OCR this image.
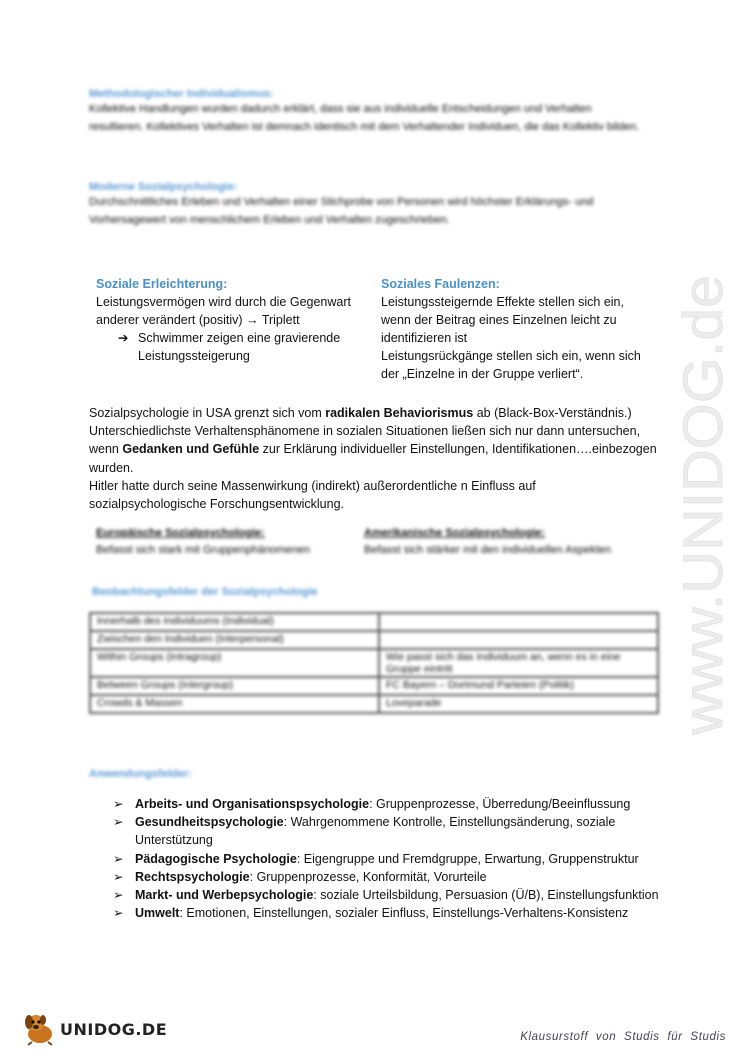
Methodologischer Individualismus:
Kollektive Handlungen wurden dadurch erklärt, dass sie aus individuelle Entscheidungen und Verhalten resultieren. Kollektives Verhalten ist demnach identisch mit dem Verhaltender Individuen, die das Kollektiv bilden.
Moderne Sozialpsychologie:
Durchschnittliches Erleben und Verhalten einer Stichprobe von Personen wird höchster Erklärungs- und Vorhersagewert von menschlichem Erleben und Verhalten zugeschrieben.
Soziale Erleichterung:
Leistungsvermögen wird durch die Gegenwart
anderer verändert (positiv) → Triplett
➔ Schwimmer zeigen eine gravierende
Leistungssteigerung
Soziales Faulenzen:
Leistungssteigernde Effekte stellen sich ein,
wenn der Beitrag eines Einzelnen leicht zu
identifizieren ist
Leistungsrückgänge stellen sich ein, wenn sich
der „Einzelne in der Gruppe verliert“.
Sozialpsychologie in USA grenzt sich vom radikalen Behaviorismus ab (Black-Box-Verständnis.)
Unterschiedlichste Verhaltensphänomene in sozialen Situationen ließen sich nur dann untersuchen,
wenn Gedanken und Gefühle zur Erklärung individueller Einstellungen, Identifikationen….einbezogen
wurden.
Hitler hatte durch seine Massenwirkung (indirekt) außerordentliche n Einfluss auf
sozialpsychologische Forschungsentwicklung.
Europäische Sozialpsychologie:
Befasst sich stark mit Gruppenphänomenen
Amerikanische Sozialpsychologie:
Befasst sich stärker mit den individuellen Aspekten
Beobachtungsfelder der Sozialpsychologie
Innerhalb des Individuums (Individual)	
Zwischen den Individuen (Interpersonal)	
Within Groups (Intragroup)	Wie passt sich das Individuum an, wenn es in eine Gruppe eintritt
Between Groups (Intergroup)	FC Bayern – Dortmund Parteien (Politik)
Crowds & Massen	Loveparade
Anwendungsfelder:
➢ Arbeits- und Organisationspsychologie: Gruppenprozesse, Überredung/Beeinflussung
➢ Gesundheitspsychologie: Wahrgenommene Kontrolle, Einstellungsänderung, soziale
Unterstützung
➢ Pädagogische Psychologie: Eigengruppe und Fremdgruppe, Erwartung, Gruppenstruktur
➢ Rechtspsychologie: Gruppenprozesse, Konformität, Vorurteile
➢ Markt- und Werbepsychologie: soziale Urteilsbildung, Persuasion (Ü/B), Einstellungsfunktion
➢ Umwelt: Emotionen, Einstellungen, sozialer Einfluss, Einstellungs-Verhaltens-Konsistenz
www.UNIDOG.de
UNIDOG.DE	Klausurstoff von Studis für Studis
